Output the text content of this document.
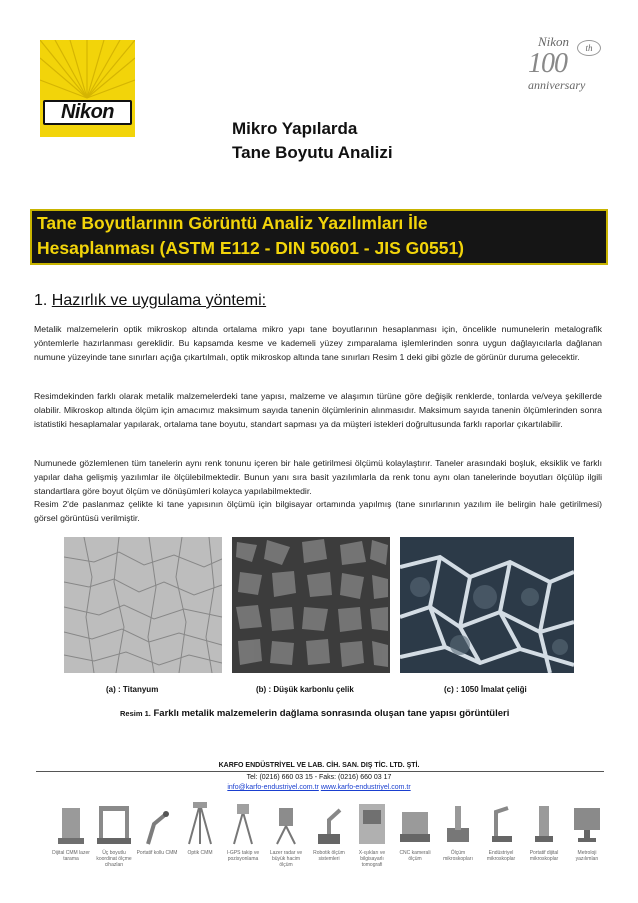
Nikon
Nikon
100	th
anniversary
Mikro Yapılarda
Tane Boyutu Analizi
Tane Boyutlarının Görüntü Analiz Yazılımları İle
Hesaplanması (ASTM E112 - DIN 50601 - JIS G0551)
1. Hazırlık ve uygulama yöntemi:

Metalik malzemelerin optik mikroskop altında ortalama mikro yapı tane boyutlarının hesaplanması için, öncelikle numunelerin metalografik yöntemlerle hazırlanması gereklidir. Bu kapsamda kesme ve kademeli yüzey zımparalama işlemlerinden sonra uygun dağlayıcılarla dağlanan numune yüzeyinde tane sınırları açığa çıkartılmalı, optik mikroskop altında tane sınırları Resim 1 deki gibi gözle de görünür duruma gelecektir.

Resimdekinden farklı olarak metalik malzemelerdeki tane yapısı, malzeme ve alaşımın türüne göre değişik renklerde, tonlarda ve/veya şekillerde olabilir. Mikroskop altında ölçüm için amacımız maksimum sayıda tanenin ölçümlerinin alınmasıdır. Maksimum sayıda tanenin ölçümlerinden sonra istatistiki hesaplamalar yapılarak, ortalama tane boyutu, standart sapması ya da müşteri istekleri doğrultusunda farklı raporlar çıkartılabilir.

Numunede gözlemlenen tüm tanelerin aynı renk tonunu içeren bir hale getirilmesi ölçümü kolaylaştırır. Taneler arasındaki boşluk, eksiklik ve farklı yapılar daha gelişmiş yazılımlar ile ölçülebilmektedir. Bunun yanı sıra basit yazılımlarla da renk tonu aynı olan tanelerinde boyutları ölçülüp ilgili standartlara göre boyut ölçüm ve dönüşümleri kolayca yapılabilmektedir.

Resim 2'de paslanmaz çelikte ki tane yapısının ölçümü için bilgisayar ortamında yapılmış (tane sınırlarının yazılım ile belirgin hale getirilmesi) görsel görüntüsü verilmiştir.

(a) : Titanyum	(b) : Düşük karbonlu çelik	(c) : 1050 İmalat çeliği
Resim 1. Farklı metalik malzemelerin dağlama sonrasında oluşan tane yapısı görüntüleri
KARFO ENDÜSTRİYEL VE LAB. CİH. SAN. DIŞ TİC. LTD. ŞTİ.
Tel: (0216) 660 03 15 - Faks: (0216) 660 03 17
info@karfo-endustriyel.com.tr www.karfo-endustriyel.com.tr
Dijital CMM lazer tarama
Üç boyutlu koordinat ölçme cihazları
Portatif kollu CMM	Optik CMM	I-GPS takip ve pozisyonlama
Lazer radar ve büyük hacim ölçüm
Robotik ölçüm sistemleri
X-ışıkları ve bilgisayarlı tomografi
CNC kamerali ölçüm
Ölçüm mikroskopları
Endüstriyel mikroskoplar
Portatif dijital mikroskoplar
Metroloji yazılımları
